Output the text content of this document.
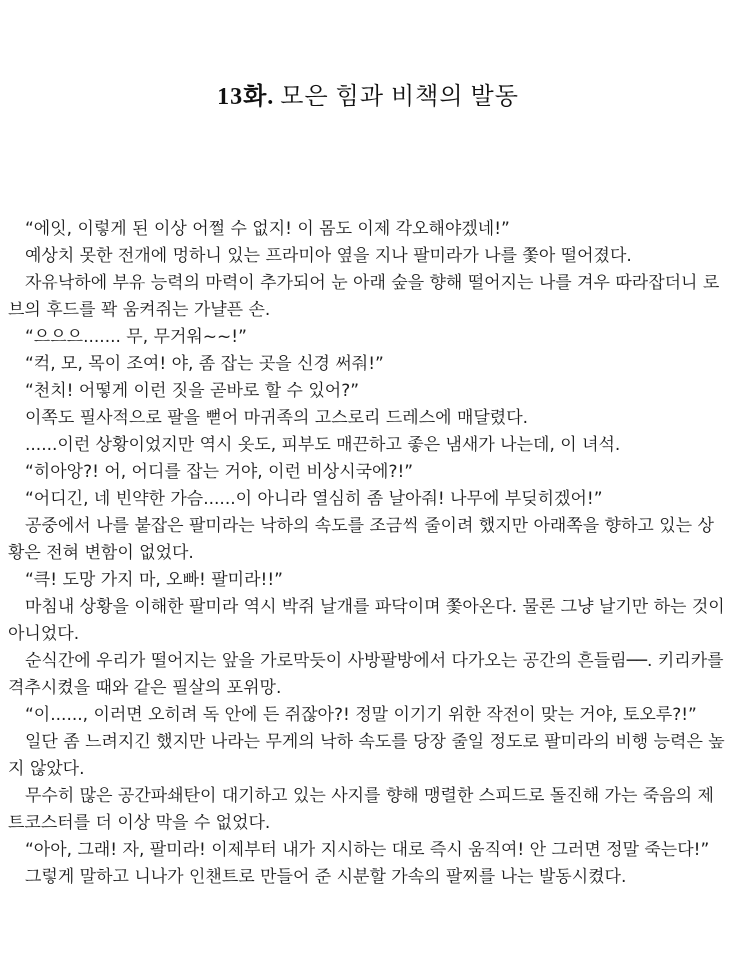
13화. 모은 힘과 비책의 발동

“에잇, 이렇게 된 이상 어쩔 수 없지! 이 몸도 이제 각오해야겠네!”

예상치 못한 전개에 멍하니 있는 프라미아 옆을 지나 팔미라가 나를 쫓아 떨어졌다.

자유낙하에 부유 능력의 마력이 추가되어 눈 아래 숲을 향해 떨어지는 나를 겨우 따라잡더니 로브의 후드를 꽉 움켜쥐는 가냘픈 손.

“으으으....... 무, 무거워~~!”

“컥, 모, 목이 조여! 야, 좀 잡는 곳을 신경 써줘!”

“천치! 어떻게 이런 짓을 곧바로 할 수 있어?”

이쪽도 필사적으로 팔을 뻗어 마귀족의 고스로리 드레스에 매달렸다.

......이런 상황이었지만 역시 옷도, 피부도 매끈하고 좋은 냄새가 나는데, 이 녀석.

“히아앙?! 어, 어디를 잡는 거야, 이런 비상시국에?!”

“어디긴, 네 빈약한 가슴......이 아니라 열심히 좀 날아줘! 나무에 부딪히겠어!”

공중에서 나를 붙잡은 팔미라는 낙하의 속도를 조금씩 줄이려 했지만 아래쪽을 향하고 있는 상황은 전혀 변함이 없었다.

“큭! 도망 가지 마, 오빠! 팔미라!!”

마침내 상황을 이해한 팔미라 역시 박쥐 날개를 파닥이며 쫓아온다. 물론 그냥 날기만 하는 것이 아니었다.

순식간에 우리가 떨어지는 앞을 가로막듯이 사방팔방에서 다가오는 공간의 흔들림──. 키리카를 격추시켰을 때와 같은 필살의 포위망.

“이......, 이러면 오히려 독 안에 든 쥐잖아?! 정말 이기기 위한 작전이 맞는 거야, 토오루?!”

일단 좀 느려지긴 했지만 나라는 무게의 낙하 속도를 당장 줄일 정도로 팔미라의 비행 능력은 높지 않았다.

무수히 많은 공간파쇄탄이 대기하고 있는 사지를 향해 맹렬한 스피드로 돌진해 가는 죽음의 제트코스터를 더 이상 막을 수 없었다.

“아아, 그래! 자, 팔미라! 이제부터 내가 지시하는 대로 즉시 움직여! 안 그러면 정말 죽는다!”

그렇게 말하고 니나가 인챈트로 만들어 준 시분할 가속의 팔찌를 나는 발동시켰다.
